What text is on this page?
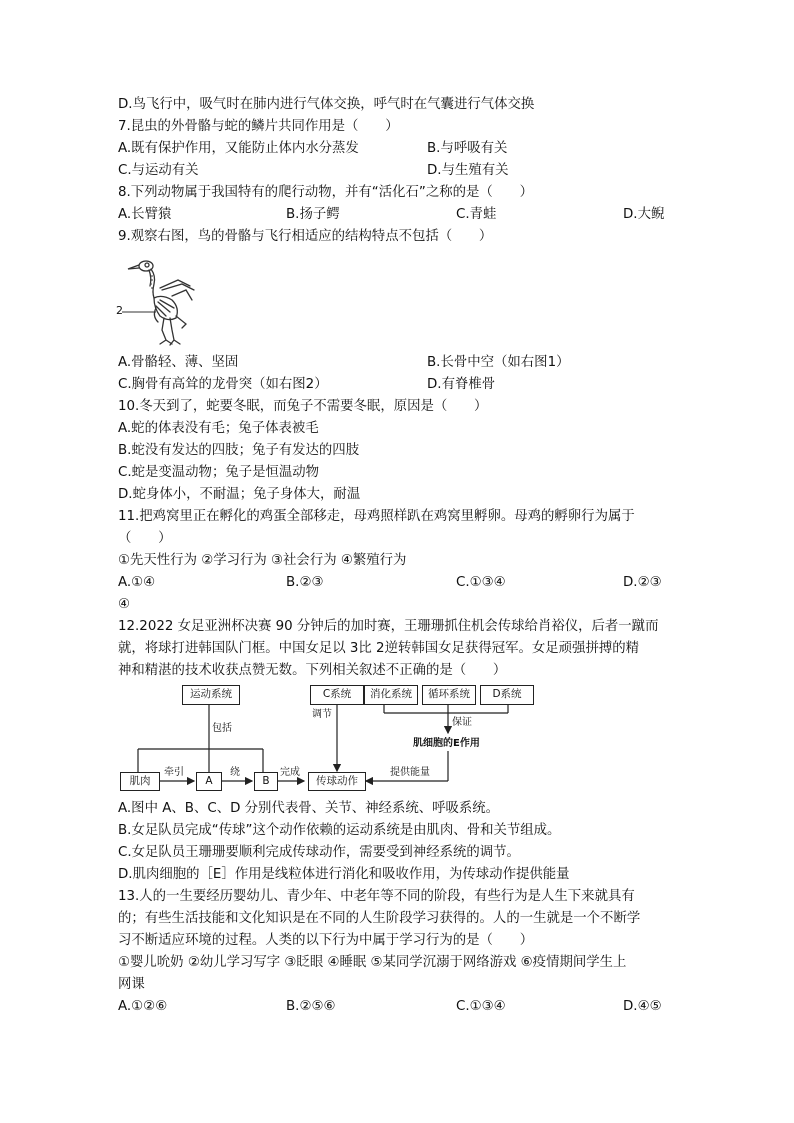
D.鸟飞行中，吸气时在肺内进行气体交换，呼气时在气囊进行气体交换
7.昆虫的外骨骼与蛇的鳞片共同作用是（　　）
A.既有保护作用，又能防止体内水分蒸发	B.与呼吸有关
C.与运动有关	D.与生殖有关
8.下列动物属于我国特有的爬行动物，并有“活化石”之称的是（　　）
A.长臂猿	B.扬子鳄	C.青蛙	D.大鲵
9.观察右图，鸟的骨骼与飞行相适应的结构特点不包括（　　）
2
A.骨骼轻、薄、坚固	B.长骨中空（如右图1）
C.胸骨有高耸的龙骨突（如右图2）	D.有脊椎骨
10.冬天到了，蛇要冬眠，而兔子不需要冬眠，原因是（　　）
A.蛇的体表没有毛；兔子体表被毛
B.蛇没有发达的四肢；兔子有发达的四肢
C.蛇是变温动物；兔子是恒温动物
D.蛇身体小，不耐温；兔子身体大，耐温
11.把鸡窝里正在孵化的鸡蛋全部移走，母鸡照样趴在鸡窝里孵卵。母鸡的孵卵行为属于
（　　）
①先天性行为 ②学习行为 ③社会行为 ④繁殖行为
A.①④	B.②③	C.①③④	D.②③
④
12.2022 女足亚洲杯决赛 90 分钟后的加时赛，王珊珊抓住机会传球给肖裕仪，后者一蹴而
就，将球打进韩国队门框。中国女足以 3比 2逆转韩国女足获得冠军。女足顽强拼搏的精
神和精湛的技术收获点赞无数。下列相关叙述不正确的是（　　）
运动系统
包括
肌肉
牵引
A
绕
B
完成
传球动作
C系统
调节
消化系统	循环系统	D系统
保证
肌细胞的E作用
提供能量
A.图中 A、B、C、D 分别代表骨、关节、神经系统、呼吸系统。
B.女足队员完成“传球”这个动作依赖的运动系统是由肌肉、骨和关节组成。
C.女足队员王珊珊要顺利完成传球动作，需要受到神经系统的调节。
D.肌肉细胞的［E］作用是线粒体进行消化和吸收作用，为传球动作提供能量
13.人的一生要经历婴幼儿、青少年、中老年等不同的阶段，有些行为是人生下来就具有
的；有些生活技能和文化知识是在不同的人生阶段学习获得的。人的一生就是一个不断学
习不断适应环境的过程。人类的以下行为中属于学习行为的是（　　）
①婴儿吮奶 ②幼儿学习写字 ③眨眼 ④睡眠 ⑤某同学沉溺于网络游戏 ⑥疫情期间学生上
网课
A.①②⑥	B.②⑤⑥	C.①③④	D.④⑤
